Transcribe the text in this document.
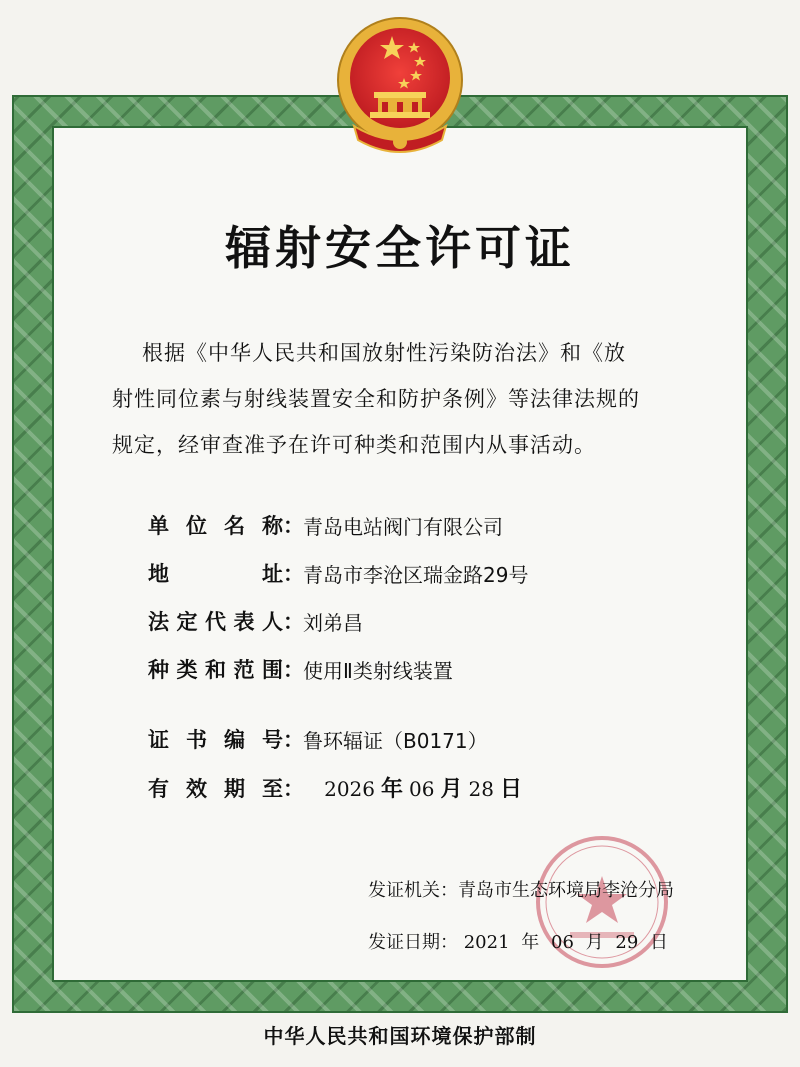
辐射安全许可证
根据《中华人民共和国放射性污染防治法》和《放
射性同位素与射线装置安全和防护条例》等法律法规的
规定，经审查准予在许可种类和范围内从事活动。
单位名称：青岛电站阀门有限公司
地　　址：青岛市李沧区瑞金路29号
法定代表人：刘弟昌
种类和范围：使用Ⅱ类射线装置
证书编号：鲁环辐证（B0171）
有效期至： 2026 年 06 月 28 日
发证机关：青岛市生态环境局李沧分局
发证日期： 2021 年 06 月 29 日
中华人民共和国环境保护部制
